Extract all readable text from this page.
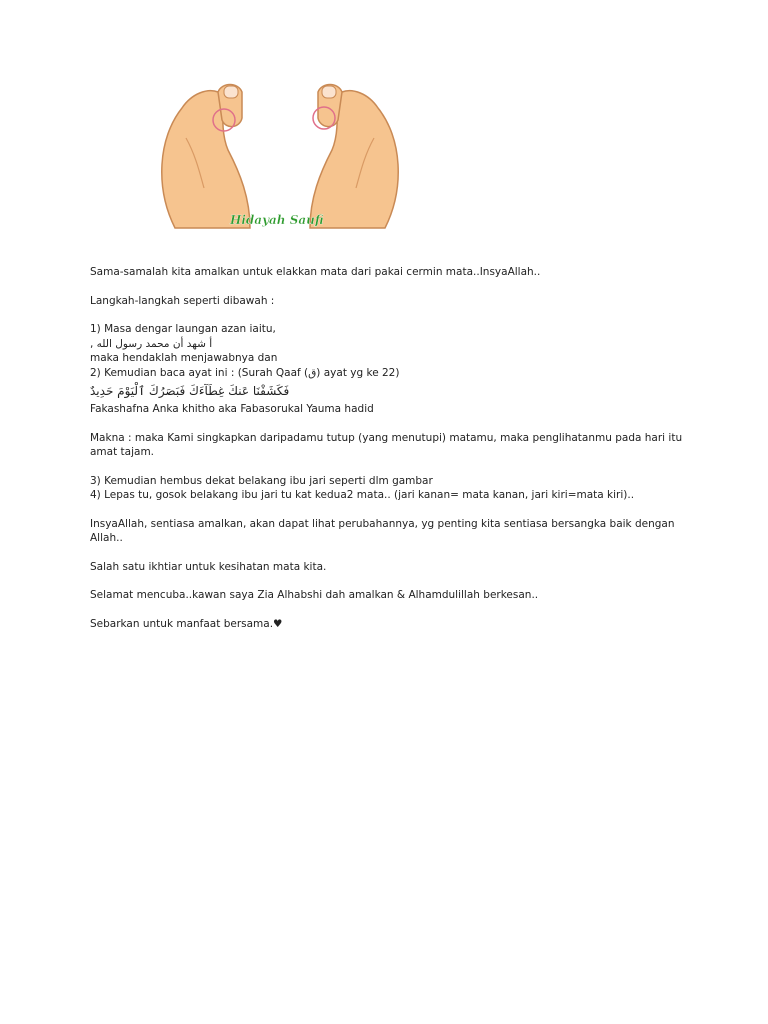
Hidayah Saufi

Sama-samalah kita amalkan untuk elakkan mata dari pakai cermin mata..InsyaAllah..

Langkah-langkah seperti dibawah :

1) Masa dengar laungan azan iaitu,

أ شهد أن محمد رسول الله ,

maka hendaklah menjawabnya dan

2) Kemudian baca ayat ini : (Surah Qaaf (ق) ayat yg ke 22)

فَكَشَفْنَا عَنكَ غِطَآءَكَ فَبَصَرُكَ ٱلْيَوْمَ حَدِيدٌ

Fakashafna Anka khitho aka Fabasorukal Yauma hadid

Makna : maka Kami singkapkan daripadamu tutup (yang menutupi) matamu, maka penglihatanmu pada hari itu amat tajam.

3) Kemudian hembus dekat belakang ibu jari seperti dlm gambar

4) Lepas tu, gosok belakang ibu jari tu kat kedua2 mata.. (jari kanan= mata kanan, jari kiri=mata kiri)..

InsyaAllah, sentiasa amalkan, akan dapat lihat perubahannya, yg penting kita sentiasa bersangka baik dengan Allah..

Salah satu ikhtiar untuk kesihatan mata kita.

Selamat mencuba..kawan saya Zia Alhabshi dah amalkan & Alhamdulillah berkesan..

Sebarkan untuk manfaat bersama.♥
